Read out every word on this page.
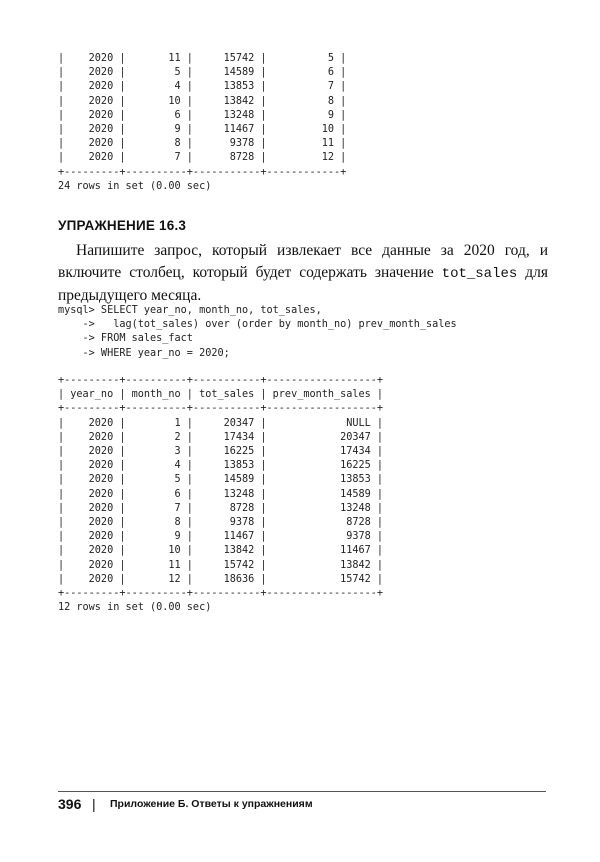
|    2020 |       11 |     15742 |          5 |
|    2020 |        5 |     14589 |          6 |
|    2020 |        4 |     13853 |          7 |
|    2020 |       10 |     13842 |          8 |
|    2020 |        6 |     13248 |          9 |
|    2020 |        9 |     11467 |         10 |
|    2020 |        8 |      9378 |         11 |
|    2020 |        7 |      8728 |         12 |
+---------+----------+-----------+------------+
24 rows in set (0.00 sec)
УПРАЖНЕНИЕ 16.3
Напишите запрос, который извлекает все данные за 2020 год, и включите столбец, который будет содержать значение tot_sales для предыдущего месяца.
mysql> SELECT year_no, month_no, tot_sales,
->   lag(tot_sales) over (order by month_no) prev_month_sales
-> FROM sales_fact
-> WHERE year_no = 2020;
+---------+----------+-----------+------------------+
| year_no | month_no | tot_sales | prev_month_sales |
+---------+----------+-----------+------------------+
|    2020 |        1 |     20347 |             NULL |
|    2020 |        2 |     17434 |            20347 |
|    2020 |        3 |     16225 |            17434 |
|    2020 |        4 |     13853 |            16225 |
|    2020 |        5 |     14589 |            13853 |
|    2020 |        6 |     13248 |            14589 |
|    2020 |        7 |      8728 |            13248 |
|    2020 |        8 |      9378 |             8728 |
|    2020 |        9 |     11467 |             9378 |
|    2020 |       10 |     13842 |            11467 |
|    2020 |       11 |     15742 |            13842 |
|    2020 |       12 |     18636 |            15742 |
+---------+----------+-----------+------------------+
12 rows in set (0.00 sec)
396 | Приложение Б. Ответы к упражнениям
